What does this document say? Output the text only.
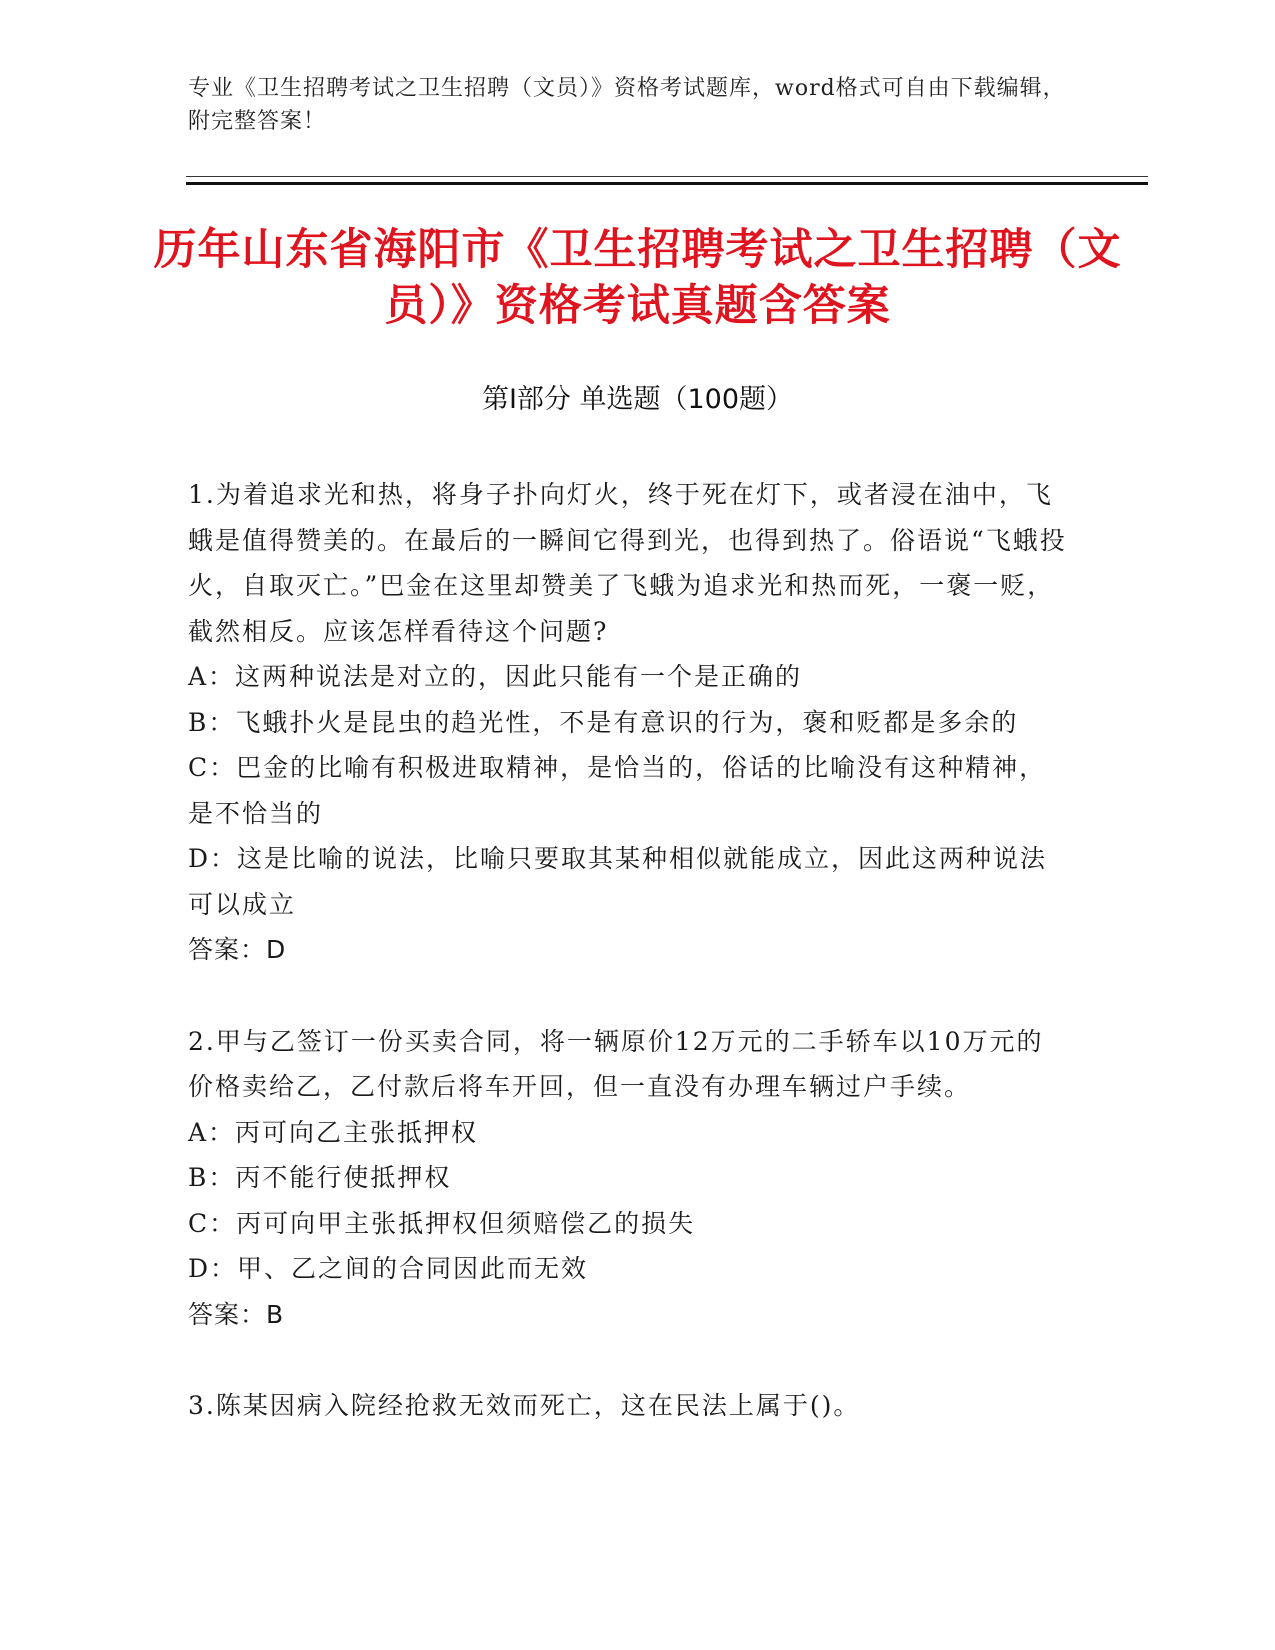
专业《卫生招聘考试之卫生招聘（文员）》资格考试题库，word格式可自由下载编辑，附完整答案！
历年山东省海阳市《卫生招聘考试之卫生招聘（文员）》资格考试真题含答案
第Ⅰ部分 单选题（100题）

1.为着追求光和热，将身子扑向灯火，终于死在灯下，或者浸在油中，飞蛾是值得赞美的。在最后的一瞬间它得到光，也得到热了。俗语说“飞蛾投火，自取灭亡。”巴金在这里却赞美了飞蛾为追求光和热而死，一褒一贬，截然相反。应该怎样看待这个问题?

A：这两种说法是对立的，因此只能有一个是正确的

B：飞蛾扑火是昆虫的趋光性，不是有意识的行为，褒和贬都是多余的

C：巴金的比喻有积极进取精神，是恰当的，俗话的比喻没有这种精神，是不恰当的

D：这是比喻的说法，比喻只要取其某种相似就能成立，因此这两种说法可以成立

答案：D

2.甲与乙签订一份买卖合同，将一辆原价12万元的二手轿车以10万元的价格卖给乙，乙付款后将车开回，但一直没有办理车辆过户手续。

A：丙可向乙主张抵押权

B：丙不能行使抵押权

C：丙可向甲主张抵押权但须赔偿乙的损失

D：甲、乙之间的合同因此而无效

答案：B

3.陈某因病入院经抢救无效而死亡，这在民法上属于()。
